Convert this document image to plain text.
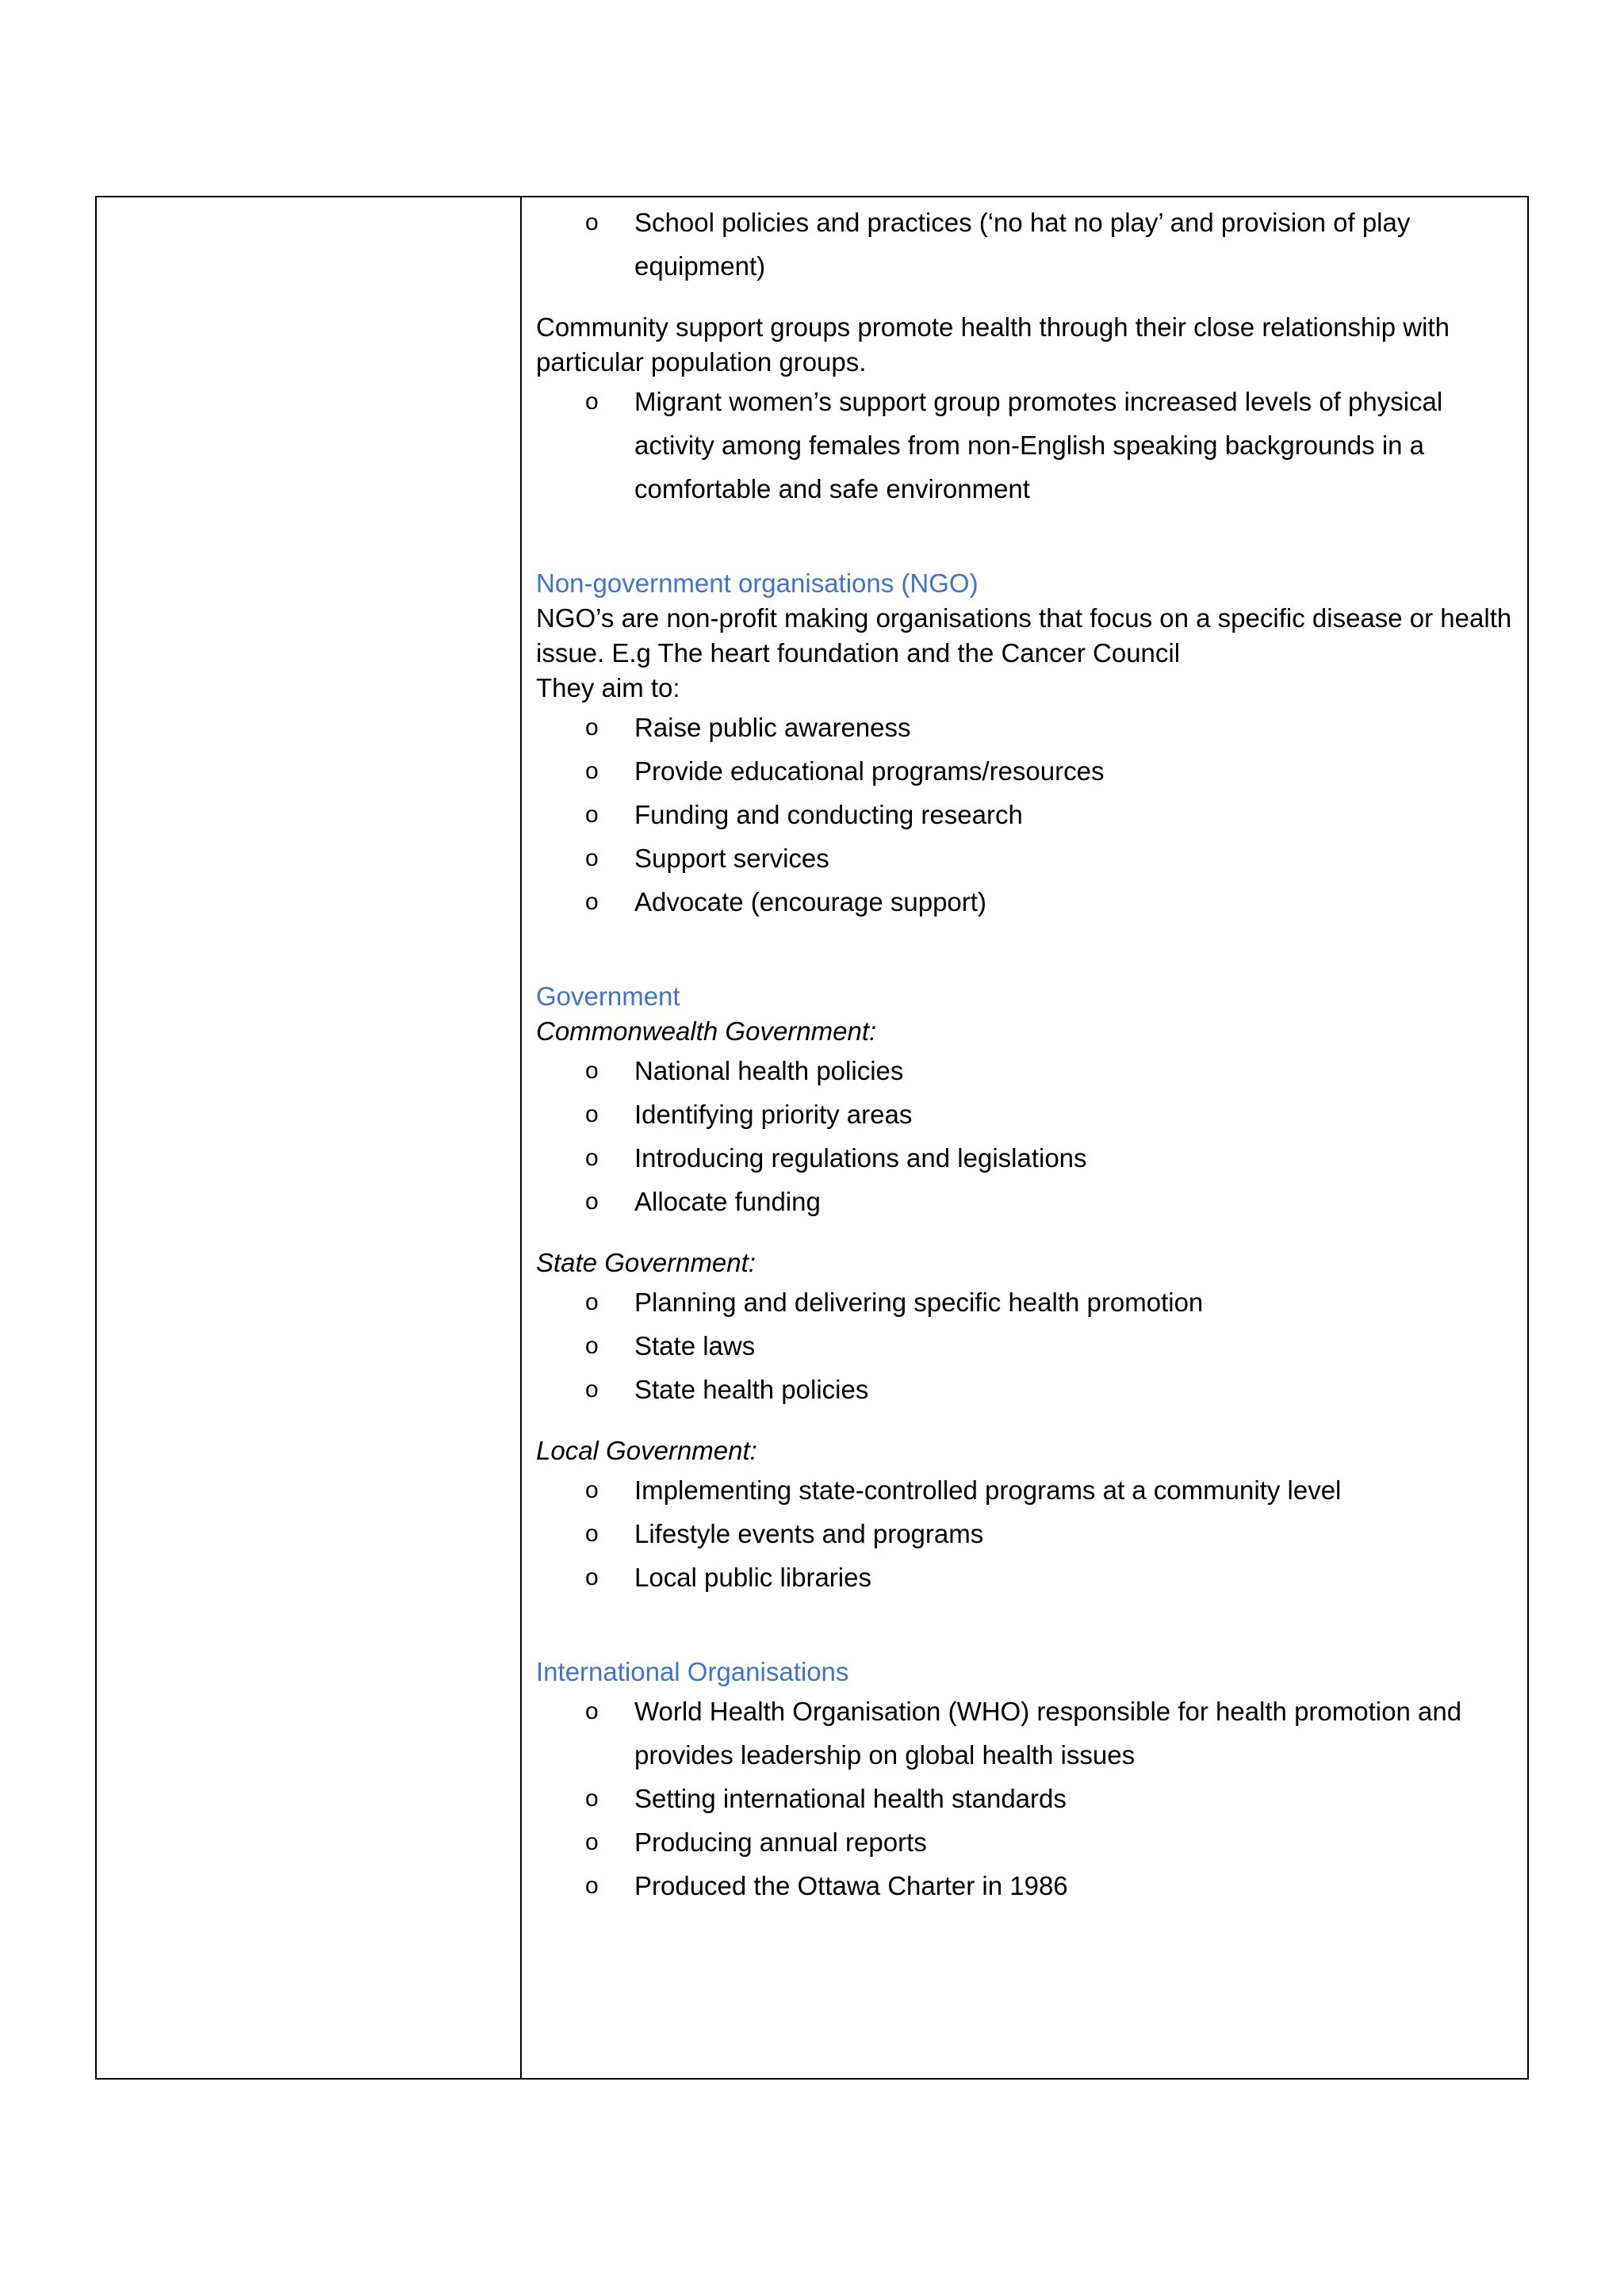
o School policies and practices (‘no hat no play’ and provision of play equipment)

Community support groups promote health through their close relationship with particular population groups.

o Migrant women’s support group promotes increased levels of physical activity among females from non-English speaking backgrounds in a comfortable and safe environment

Non-government organisations (NGO)

NGO’s are non-profit making organisations that focus on a specific disease or health issue. E.g The heart foundation and the Cancer Council

They aim to:

o Raise public awareness
o Provide educational programs/resources
o Funding and conducting research
o Support services
o Advocate (encourage support)

Government

Commonwealth Government:

o National health policies
o Identifying priority areas
o Introducing regulations and legislations
o Allocate funding

State Government:

o Planning and delivering specific health promotion
o State laws
o State health policies

Local Government:

o Implementing state-controlled programs at a community level
o Lifestyle events and programs
o Local public libraries

International Organisations

o World Health Organisation (WHO) responsible for health promotion and provides leadership on global health issues
o Setting international health standards
o Producing annual reports
o Produced the Ottawa Charter in 1986
